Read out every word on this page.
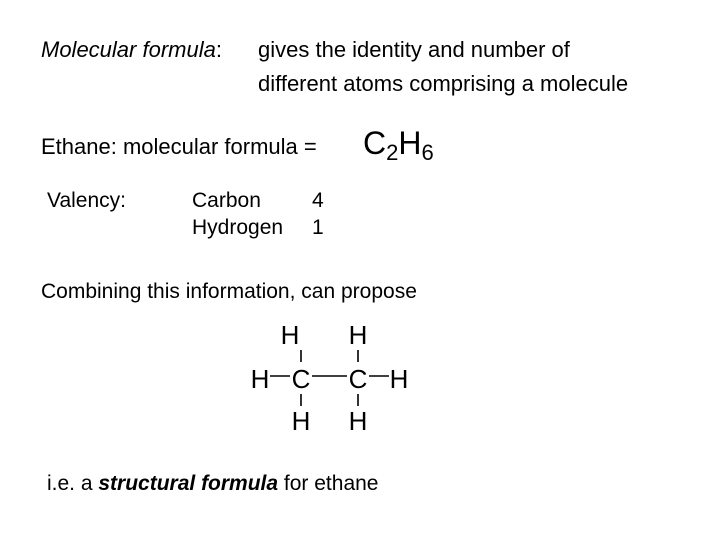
Molecular formula: gives the identity and number of
different atoms comprising a molecule
Ethane: molecular formula = $C_2H_6$
Valency:	Carbon 4
Hydrogen 1
Combining this information, can propose
H H
H C C H
H H
i.e. a structural formula for ethane
